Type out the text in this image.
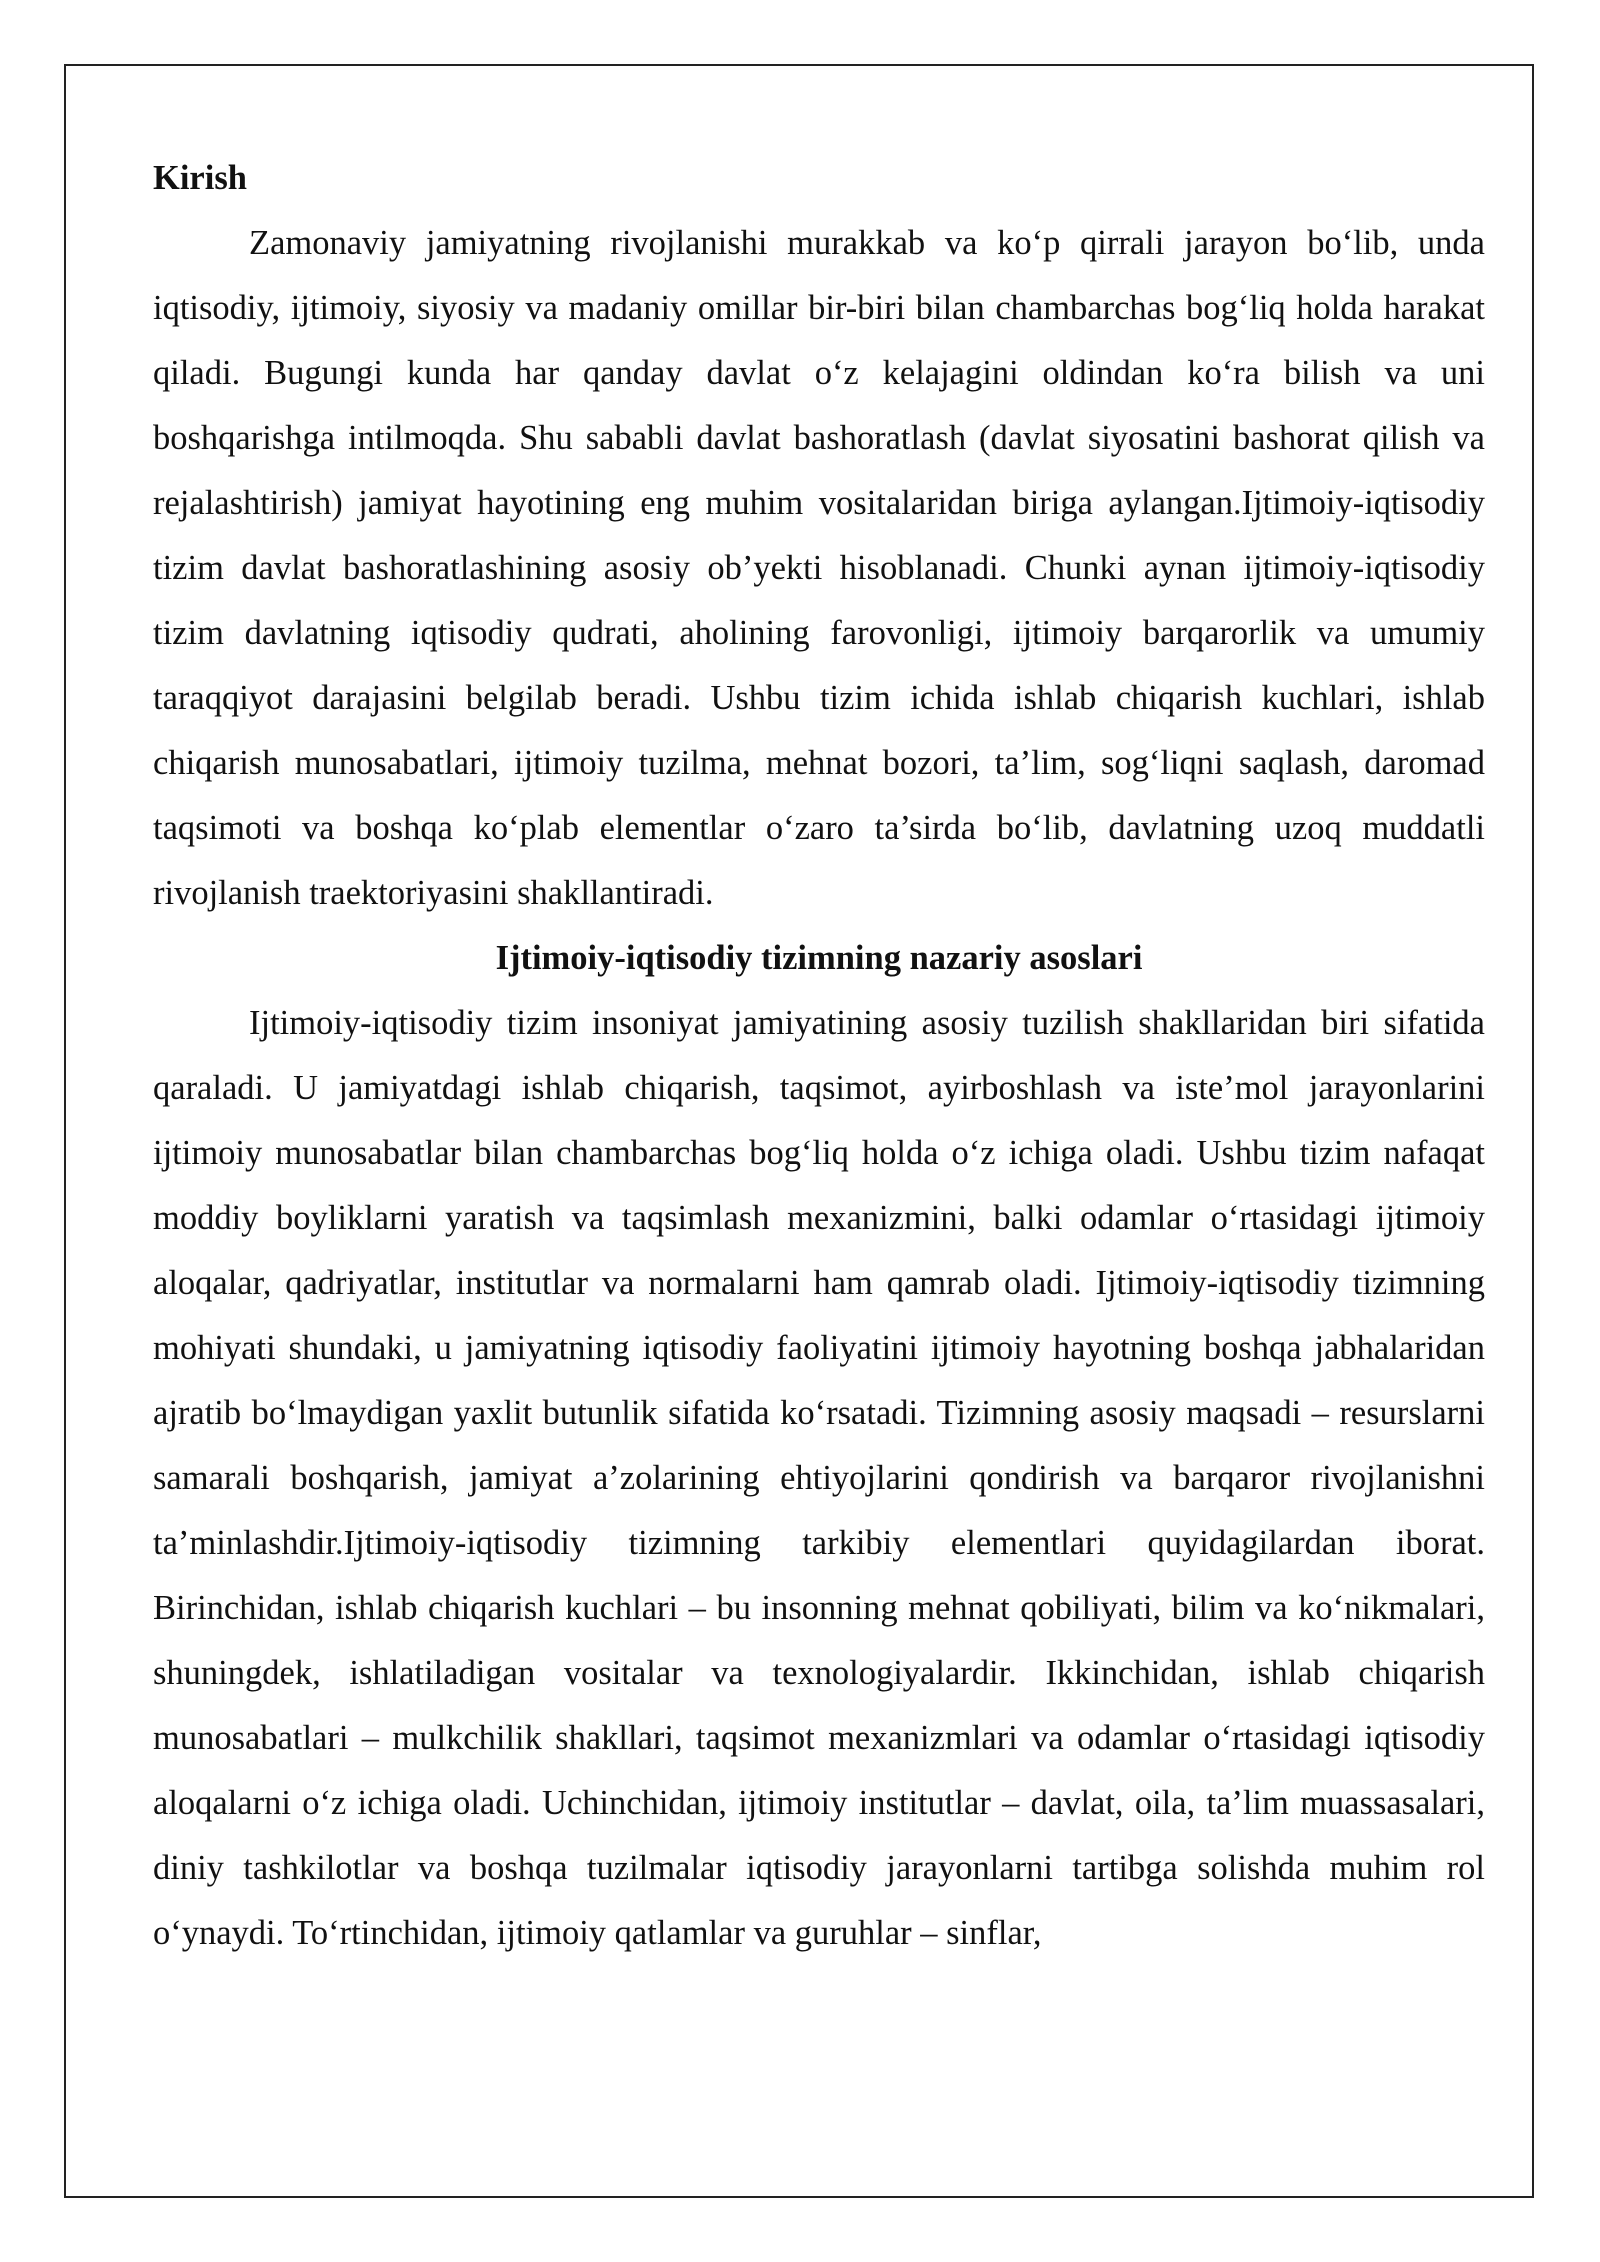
Kirish

Zamonaviy jamiyatning rivojlanishi murakkab va ko‘p qirrali jarayon bo‘lib, unda iqtisodiy, ijtimoiy, siyosiy va madaniy omillar bir-biri bilan chambarchas bog‘liq holda harakat qiladi. Bugungi kunda har qanday davlat o‘z kelajagini oldindan ko‘ra bilish va uni boshqarishga intilmoqda. Shu sababli davlat bashoratlash (davlat siyosatini bashorat qilish va rejalashtirish) jamiyat hayotining eng muhim vositalaridan biriga aylangan.Ijtimoiy-iqtisodiy tizim davlat bashoratlashining asosiy ob’yekti hisoblanadi. Chunki aynan ijtimoiy-iqtisodiy tizim davlatning iqtisodiy qudrati, aholining farovonligi, ijtimoiy barqarorlik va umumiy taraqqiyot darajasini belgilab beradi. Ushbu tizim ichida ishlab chiqarish kuchlari, ishlab chiqarish munosabatlari, ijtimoiy tuzilma, mehnat bozori, ta’lim, sog‘liqni saqlash, daromad taqsimoti va boshqa ko‘plab elementlar o‘zaro ta’sirda bo‘lib, davlatning uzoq muddatli rivojlanish traektoriyasini shakllantiradi.

Ijtimoiy-iqtisodiy tizimning nazariy asoslari

Ijtimoiy-iqtisodiy tizim insoniyat jamiyatining asosiy tuzilish shakllaridan biri sifatida qaraladi. U jamiyatdagi ishlab chiqarish, taqsimot, ayirboshlash va iste’mol jarayonlarini ijtimoiy munosabatlar bilan chambarchas bog‘liq holda o‘z ichiga oladi. Ushbu tizim nafaqat moddiy boyliklarni yaratish va taqsimlash mexanizmini, balki odamlar o‘rtasidagi ijtimoiy aloqalar, qadriyatlar, institutlar va normalarni ham qamrab oladi. Ijtimoiy-iqtisodiy tizimning mohiyati shundaki, u jamiyatning iqtisodiy faoliyatini ijtimoiy hayotning boshqa jabhalaridan ajratib bo‘lmaydigan yaxlit butunlik sifatida ko‘rsatadi. Tizimning asosiy maqsadi – resurslarni samarali boshqarish, jamiyat a’zolarining ehtiyojlarini qondirish va barqaror rivojlanishni ta’minlashdir.Ijtimoiy-iqtisodiy tizimning tarkibiy elementlari quyidagilardan iborat. Birinchidan, ishlab chiqarish kuchlari – bu insonning mehnat qobiliyati, bilim va ko‘nikmalari, shuningdek, ishlatiladigan vositalar va texnologiyalardir. Ikkinchidan, ishlab chiqarish munosabatlari – mulkchilik shakllari, taqsimot mexanizmlari va odamlar o‘rtasidagi iqtisodiy aloqalarni o‘z ichiga oladi. Uchinchidan, ijtimoiy institutlar – davlat, oila, ta’lim muassasalari, diniy tashkilotlar va boshqa tuzilmalar iqtisodiy jarayonlarni tartibga solishda muhim rol o‘ynaydi. To‘rtinchidan, ijtimoiy qatlamlar va guruhlar – sinflar,
